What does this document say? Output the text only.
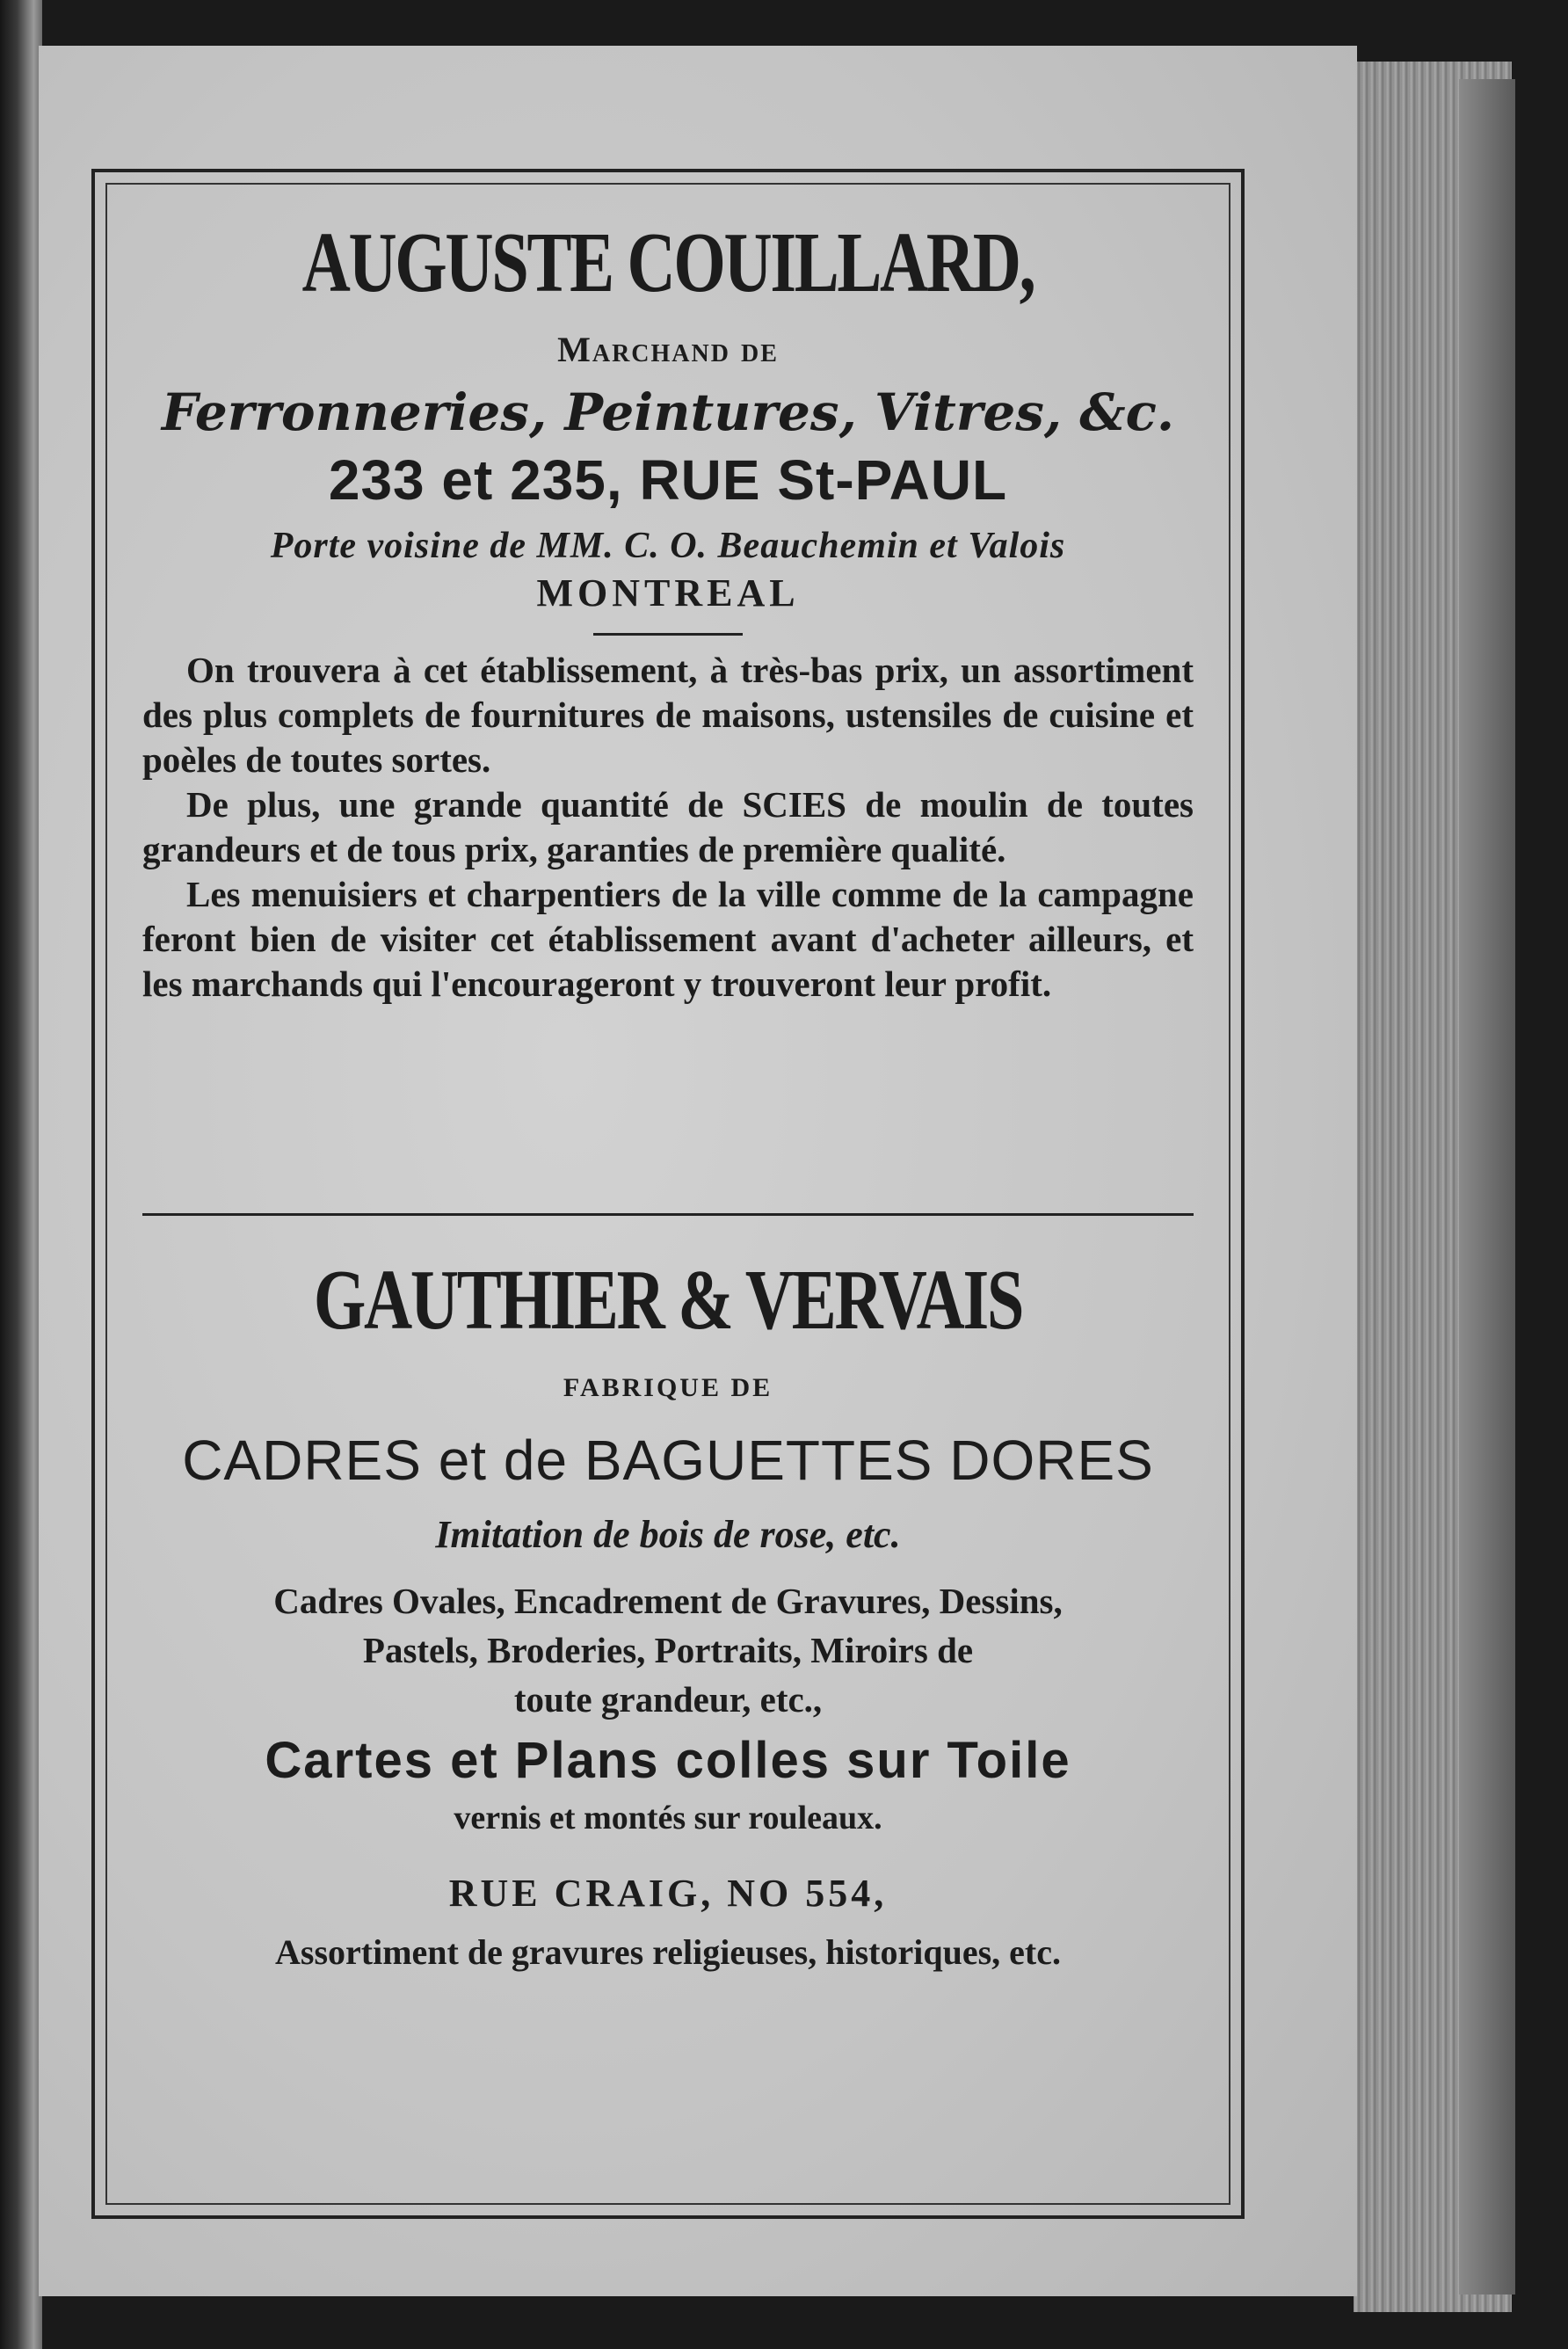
AUGUSTE COUILLARD,
Marchand de
Ferronneries, Peintures, Vitres, &c.
233 et 235, RUE St-PAUL
Porte voisine de MM. C. O. Beauchemin et Valois
MONTREAL

On trouvera à cet établissement, à très-bas prix, un assortiment des plus complets de fournitures de maisons, ustensiles de cuisine et poèles de toutes sortes.

De plus, une grande quantité de SCIES de moulin de toutes grandeurs et de tous prix, garanties de première qualité.

Les menuisiers et charpentiers de la ville comme de la campagne feront bien de visiter cet établissement avant d'acheter ailleurs, et les marchands qui l'encourageront y trouveront leur profit.

GAUTHIER & VERVAIS
FABRIQUE DE
CADRES et de BAGUETTES DORES
Imitation de bois de rose, etc.
Cadres Ovales, Encadrement de Gravures, Dessins,
Pastels, Broderies, Portraits, Miroirs de
toute grandeur, etc.,
Cartes et Plans colles sur Toile
vernis et montés sur rouleaux.
RUE CRAIG, NO 554,
Assortiment de gravures religieuses, historiques, etc.
